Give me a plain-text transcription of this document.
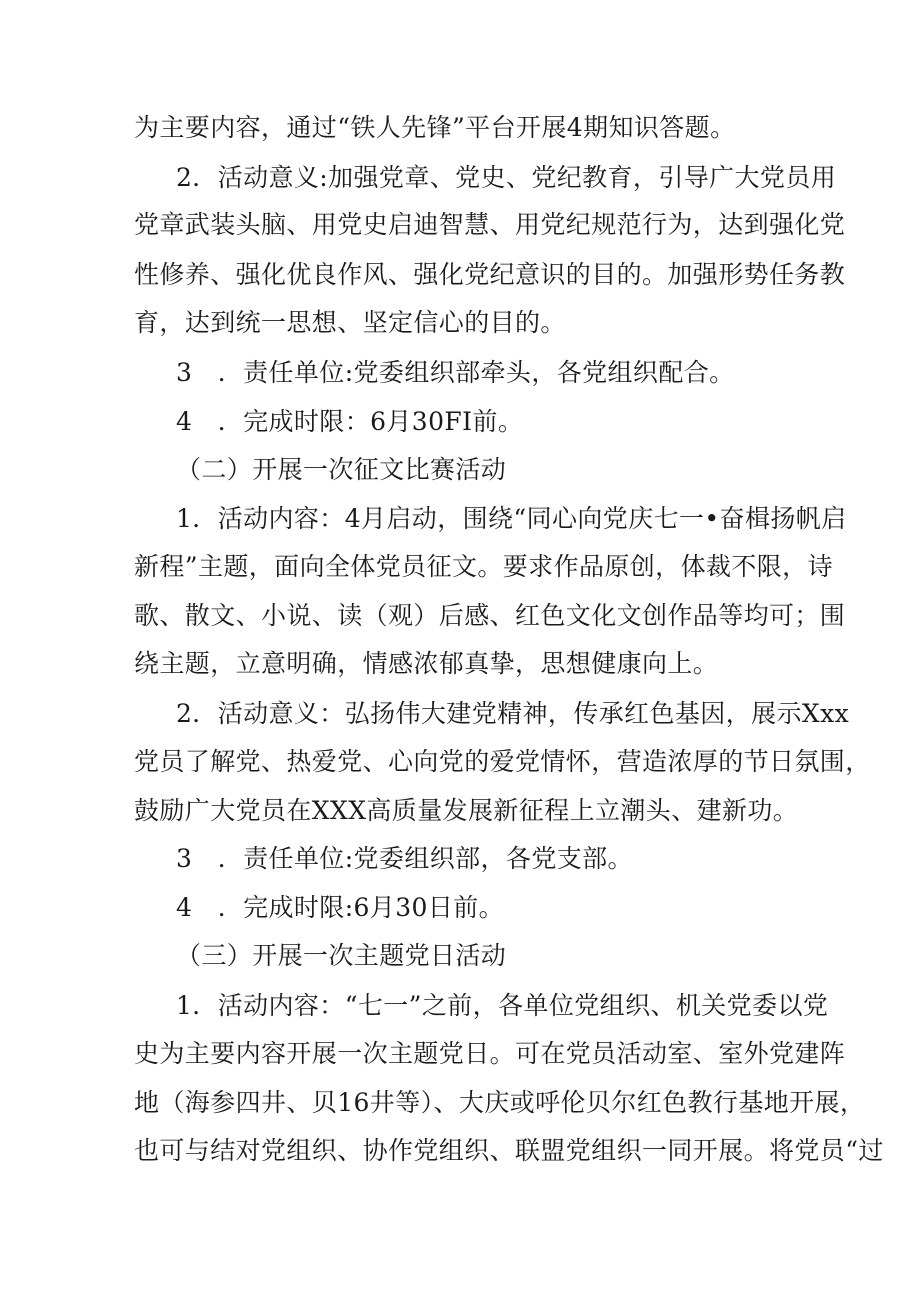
为主要内容，通过“铁人先锋”平台开展4期知识答题。
2．活动意义:加强党章、党史、党纪教育，引导广大党员用
党章武装头脑、用党史启迪智慧、用党纪规范行为，达到强化党
性修养、强化优良作风、强化党纪意识的目的。加强形势任务教
育，达到统一思想、坚定信心的目的。
3　．责任单位:党委组织部牵头，各党组织配合。
4　．完成时限：6月30FI前。
（二）开展一次征文比赛活动
1．活动内容：4月启动，围绕“同心向党庆七一•奋楫扬帆启
新程”主题，面向全体党员征文。要求作品原创，体裁不限，诗
歌、散文、小说、读（观）后感、红色文化文创作品等均可；围
绕主题，立意明确，情感浓郁真挚，思想健康向上。
2．活动意义：弘扬伟大建党精神，传承红色基因，展示Xxx
党员了解党、热爱党、心向党的爱党情怀，营造浓厚的节日氛围，
鼓励广大党员在XXX高质量发展新征程上立潮头、建新功。
3　．责任单位:党委组织部，各党支部。
4　．完成时限:6月30日前。
（三）开展一次主题党日活动
1．活动内容：“七一”之前，各单位党组织、机关党委以党
史为主要内容开展一次主题党日。可在党员活动室、室外党建阵
地（海参四井、贝16井等）、大庆或呼伦贝尔红色教行基地开展，
也可与结对党组织、协作党组织、联盟党组织一同开展。将党员“过
